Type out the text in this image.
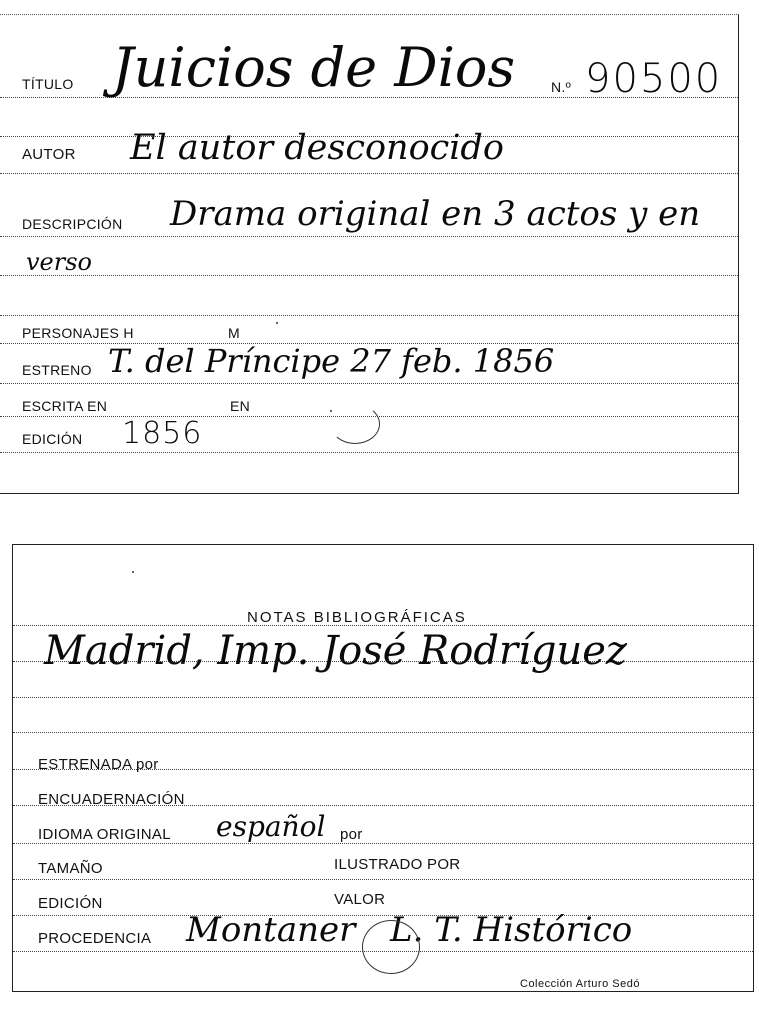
TÍTULO Juicios de Dios	N.º 90500
AUTOR El autor desconocido
DESCRIPCIÓN Drama original en 3 actos y en
verso
PERSONAJES H	M
ESTRENO T. del Príncipe 27 feb. 1856
ESCRITA EN	EN
EDICIÓN 1856
NOTAS BIBLIOGRÁFICAS
Madrid, Imp. José Rodríguez
ESTRENADA por
ENCUADERNACIÓN
IDIOMA ORIGINAL español por
TAMAÑO	ILUSTRADO POR
EDICIÓN	VALOR
PROCEDENCIA Montaner L. T. Histórico
Colección Arturo Sedó
